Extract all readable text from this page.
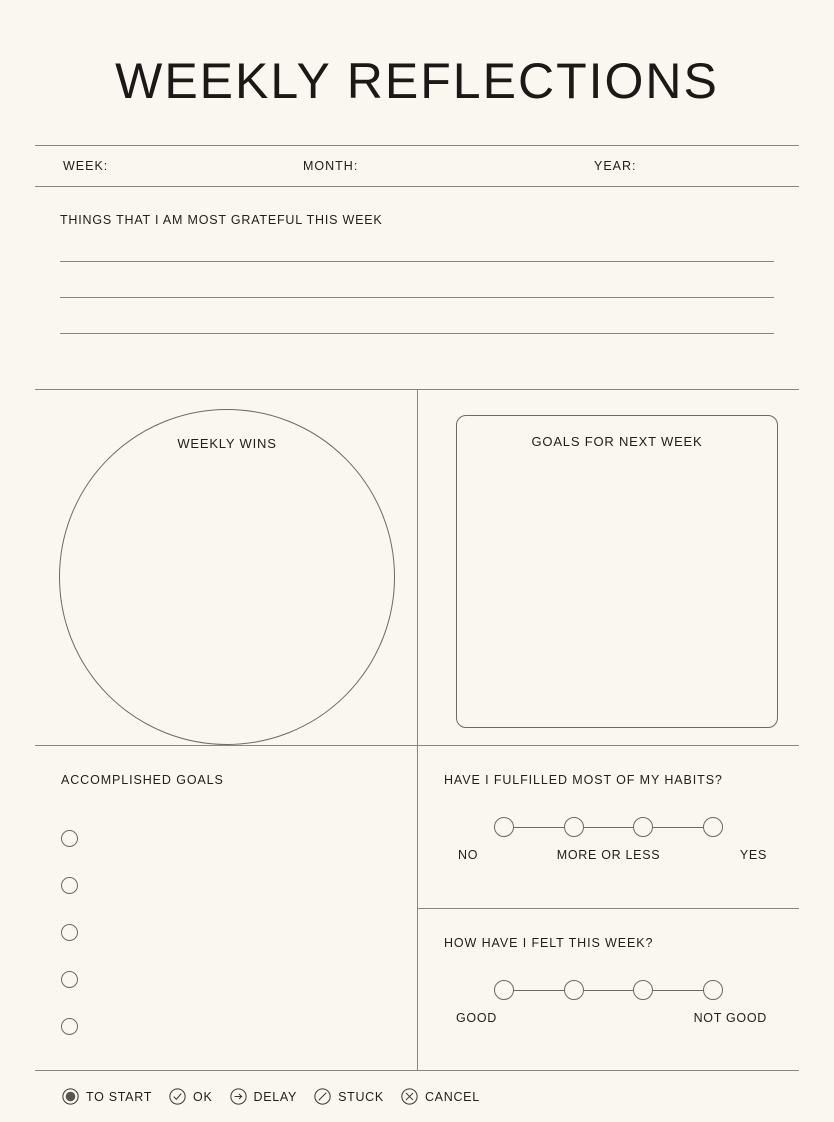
WEEKLY REFLECTIONS
WEEK:	MONTH:	YEAR:
THINGS THAT I AM MOST GRATEFUL THIS WEEK
WEEKLY WINS	GOALS FOR NEXT WEEK
ACCOMPLISHED GOALS	HAVE I FULFILLED MOST OF MY HABITS?
NO	MORE OR LESS	YES
HOW HAVE I FELT THIS WEEK?
GOOD	NOT GOOD
TO START	OK	DELAY	STUCK	CANCEL
